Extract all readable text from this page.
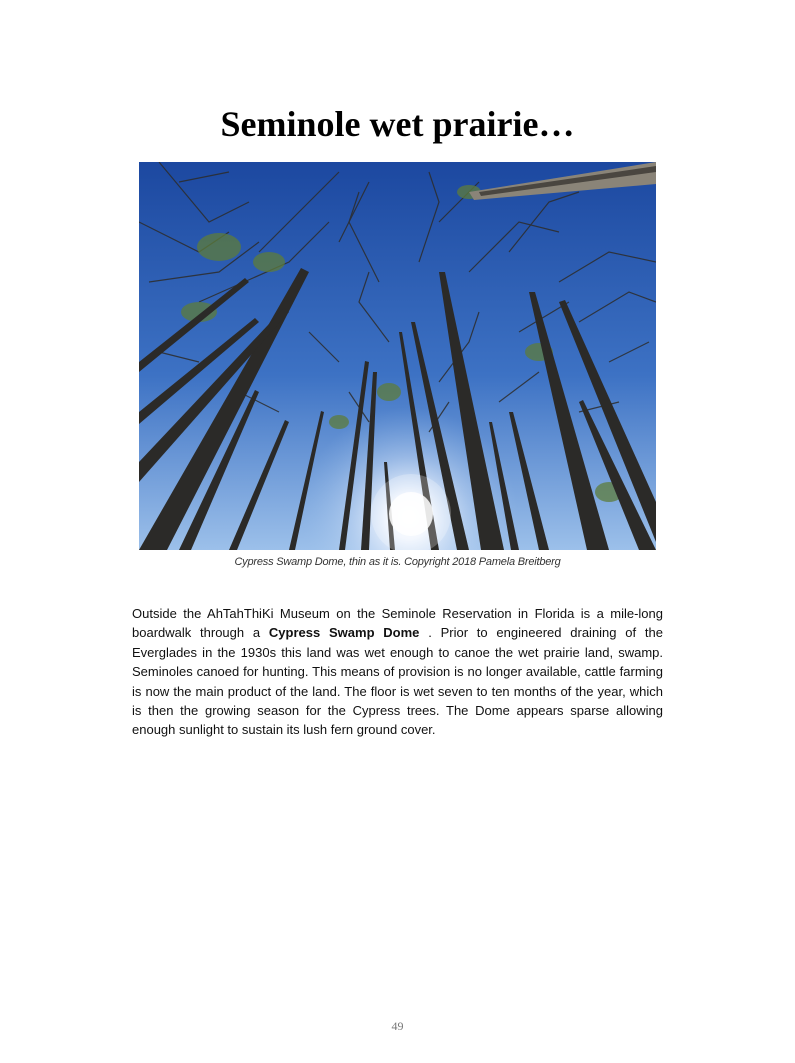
Seminole wet prairie…

Cypress Swamp Dome, thin as it is. Copyright 2018 Pamela Breitberg

Outside the AhTahThiKi Museum on the Seminole Reservation in Florida is a mile-long boardwalk through a Cypress Swamp Dome . Prior to engineered draining of the Everglades in the 1930s this land was wet enough to canoe the wet prairie land, swamp. Seminoles canoed for hunting. This means of provision is no longer available, cattle farming is now the main product of the land. The floor is wet seven to ten months of the year, which is then the growing season for the Cypress trees. The Dome appears sparse allowing enough sunlight to sustain its lush fern ground cover.

49
